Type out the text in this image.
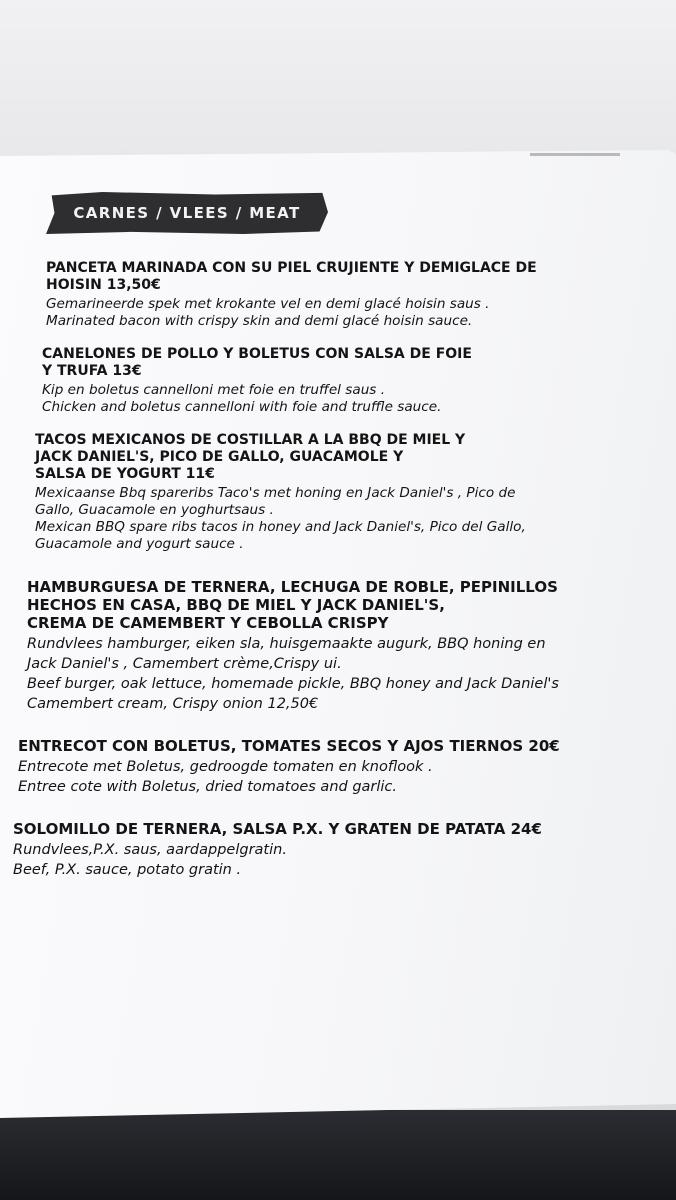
CARNES / VLEES / MEAT
PANCETA MARINADA CON SU PIEL CRUJIENTE Y DEMIGLACE DE
HOISIN 13,50€
Gemarineerde spek met krokante vel en demi glacé hoisin saus .
Marinated bacon with crispy skin and demi glacé hoisin sauce.
CANELONES DE POLLO Y BOLETUS CON SALSA DE FOIE
Y TRUFA 13€
Kip en boletus cannelloni met foie en truffel saus .
Chicken and boletus cannelloni with foie and truffle sauce.
TACOS MEXICANOS DE COSTILLAR A LA BBQ DE MIEL Y
JACK DANIEL'S, PICO DE GALLO, GUACAMOLE Y
SALSA DE YOGURT 11€
Mexicaanse Bbq spareribs Taco's met honing en Jack Daniel's , Pico de
Gallo, Guacamole en yoghurtsaus .
Mexican BBQ spare ribs tacos in honey and Jack Daniel's, Pico del Gallo,
Guacamole and yogurt sauce .
HAMBURGUESA DE TERNERA, LECHUGA DE ROBLE, PEPINILLOS
HECHOS EN CASA, BBQ DE MIEL Y JACK DANIEL'S,
CREMA DE CAMEMBERT Y CEBOLLA CRISPY
Rundvlees hamburger, eiken sla, huisgemaakte augurk, BBQ honing en
Jack Daniel's , Camembert crème,Crispy ui.
Beef burger, oak lettuce, homemade pickle, BBQ honey and Jack Daniel's
Camembert cream, Crispy onion 12,50€
ENTRECOT CON BOLETUS, TOMATES SECOS Y AJOS TIERNOS 20€
Entrecote met Boletus, gedroogde tomaten en knoflook .
Entree cote with Boletus, dried tomatoes and garlic.
SOLOMILLO DE TERNERA, SALSA P.X. Y GRATEN DE PATATA 24€
Rundvlees,P.X. saus, aardappelgratin.
Beef, P.X. sauce, potato gratin .
